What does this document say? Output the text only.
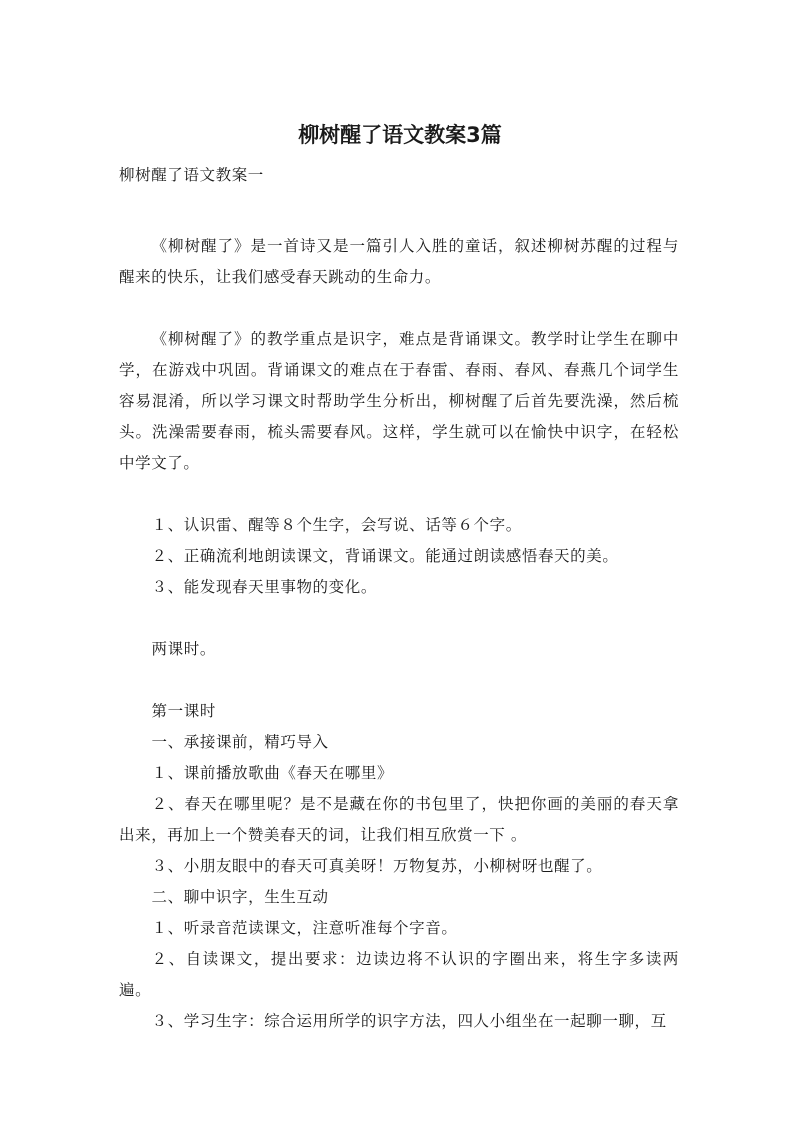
柳树醒了语文教案3篇

柳树醒了语文教案一

《柳树醒了》是一首诗又是一篇引人入胜的童话，叙述柳树苏醒的过程与醒来的快乐，让我们感受春天跳动的生命力。

《柳树醒了》的教学重点是识字，难点是背诵课文。教学时让学生在聊中学，在游戏中巩固。背诵课文的难点在于春雷、春雨、春风、春燕几个词学生容易混淆，所以学习课文时帮助学生分析出，柳树醒了后首先要洗澡，然后梳头。洗澡需要春雨，梳头需要春风。这样，学生就可以在愉快中识字，在轻松中学文了。

１、认识雷、醒等８个生字，会写说、话等６个字。

２、正确流利地朗读课文，背诵课文。能通过朗读感悟春天的美。

３、能发现春天里事物的变化。

两课时。

第一课时

一、承接课前，精巧导入

１、课前播放歌曲《春天在哪里》

２、春天在哪里呢？是不是藏在你的书包里了，快把你画的美丽的春天拿出来，再加上一个赞美春天的词，让我们相互欣赏一下 。

３、小朋友眼中的春天可真美呀！万物复苏，小柳树呀也醒了。

二、聊中识字，生生互动

１、听录音范读课文，注意听准每个字音。

２、自读课文，提出要求：边读边将不认识的字圈出来，将生字多读两遍。

３、学习生字：综合运用所学的识字方法，四人小组坐在一起聊一聊，互
